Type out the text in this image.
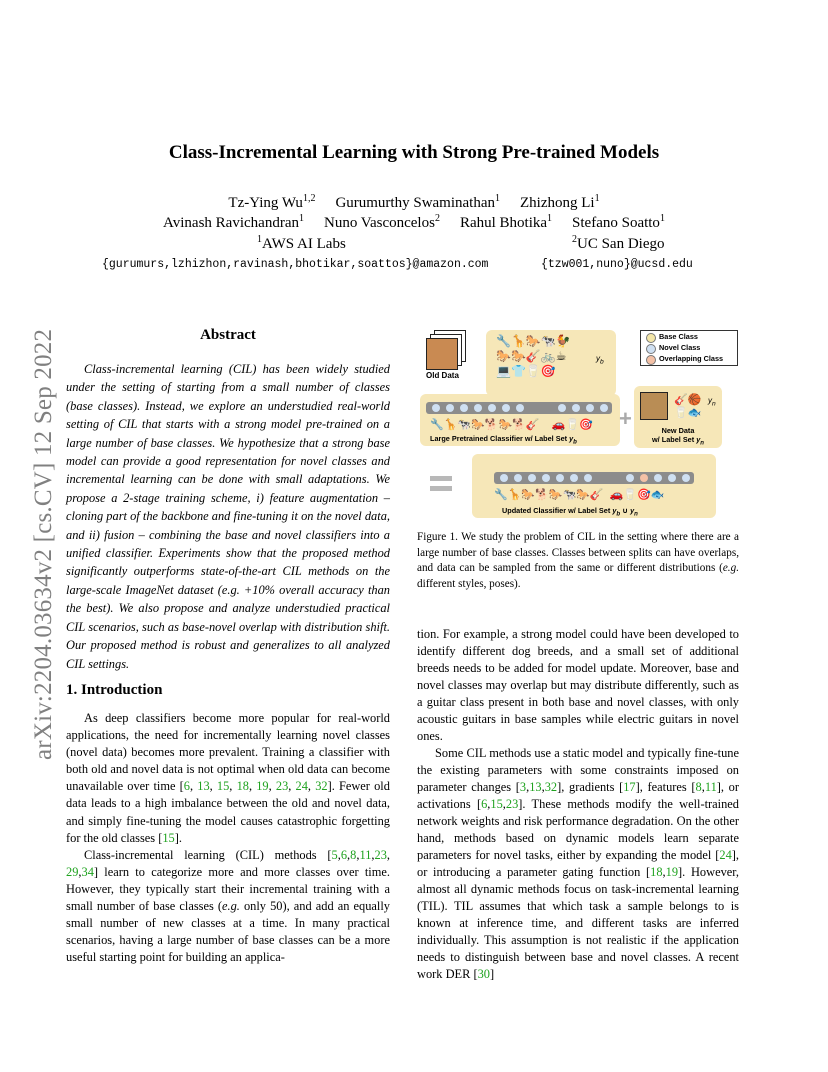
arXiv:2204.03634v2 [cs.CV] 12 Sep 2022
Class-Incremental Learning with Strong Pre-trained Models
Tz-Ying Wu$^{1,2}$ Gurumurthy Swaminathan$^1$ Zhizhong Li$^1$
Avinash Ravichandran$^1$ Nuno Vasconcelos$^2$ Rahul Bhotika$^1$ Stefano Soatto$^1$
$^1$AWS AI Labs	$^2$UC San Diego
{gurumurs,lzhizhon,ravinash,bhotikar,soattos}@amazon.com	{tzw001,nuno}@ucsd.edu
Abstract

Class-incremental learning (CIL) has been widely studied under the setting of starting from a small number of classes (base classes). Instead, we explore an understudied real-world setting of CIL that starts with a strong model pre-trained on a large number of base classes. We hypothesize that a strong base model can provide a good representation for novel classes and incremental learning can be done with small adaptations. We propose a 2-stage training scheme, i) feature augmentation – cloning part of the backbone and fine-tuning it on the novel data, and ii) fusion – combining the base and novel classifiers into a unified classifier. Experiments show that the proposed method significantly outperforms state-of-the-art CIL methods on the large-scale ImageNet dataset (e.g. +10% overall accuracy than the best). We also propose and analyze understudied practical CIL scenarios, such as base-novel overlap with distribution shift. Our proposed method is robust and generalizes to all analyzed CIL settings.

1. Introduction

As deep classifiers become more popular for real-world applications, the need for incrementally learning novel classes (novel data) becomes more prevalent. Training a classifier with both old and novel data is not optimal when old data can become unavailable over time [6, 13, 15, 18, 19, 23, 24, 32]. Fewer old data leads to a high imbalance between the old and novel data, and simply fine-tuning the model causes catastrophic forgetting for the old classes [15].

Class-incremental learning (CIL) methods [5,6,8,11,23, 29,34] learn to categorize more and more classes over time. However, they typically start their incremental training with a small number of base classes (e.g. only 50), and add an equally small number of new classes at a time. In many practical scenarios, having a large number of base classes can be a more useful starting point for building an applica-

Old Data
🔧🦒🐎🐄🐓
🐎🐎🎸🚲☕
💻👕🥛🎯
$y_b$
Base Class
Novel Class
Overlapping Class
🔧🦒🐄🐎🐕🐎🐕🎸    🚗🥛🎯
Large Pretrained Classifier w/ Label Set $y_b$
+
🎸🏀
🥛🐟
$y_n$
New Data
w/ Label Set $y_n$
🔧🦒🐎🐕🐎🐄🐎🎸  🚗🥛🎯🐟
Updated Classifier w/ Label Set $y_b$ ∪ $y_n$
Figure 1. We study the problem of CIL in the setting where there are a large number of base classes. Classes between splits can have overlaps, and data can be sampled from the same or different distributions (e.g. different styles, poses).

tion. For example, a strong model could have been developed to identify different dog breeds, and a small set of additional breeds needs to be added for model update. Moreover, base and novel classes may overlap but may distribute differently, such as a guitar class present in both base and novel classes, with only acoustic guitars in base samples while electric guitars in novel ones.

Some CIL methods use a static model and typically fine-tune the existing parameters with some constraints imposed on parameter changes [3,13,32], gradients [17], features [8,11], or activations [6,15,23]. These methods modify the well-trained network weights and risk performance degradation. On the other hand, methods based on dynamic models learn separate parameters for novel tasks, either by expanding the model [24], or introducing a parameter gating function [18,19]. However, almost all dynamic methods focus on task-incremental learning (TIL). TIL assumes that which task a sample belongs to is known at inference time, and different tasks are inferred individually. This assumption is not realistic if the application needs to distinguish between base and novel classes. A recent work DER [30]
